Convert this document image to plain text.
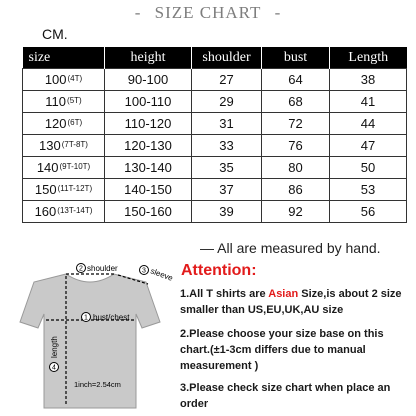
- SIZE CHART -
CM.
size	height	shoulder	bust	Length
$100^{(4T)}$	90-100	27	64	38
$110^{(5T)}$	100-110	29	68	41
$120^{(6T)}$	110-120	31	72	44
$130^{(7T-8T)}$	120-130	33	76	47
$140^{(9T-10T)}$	130-140	35	80	50
$150^{(11T-12T)}$	140-150	37	86	53
$160^{(13T-14T)}$	150-160	39	92	56
— All are measured by hand.
2 shoulder	3 sleeve
1 bust/chest
4
length
1inch=2.54cm
Attention:
1.All T shirts are Asian Size,is about 2 size smaller than US,EU,UK,AU size
2.Please choose your size base on this chart.(±1-3cm differs due to manual measurement )
3.Please check size chart when place an order
